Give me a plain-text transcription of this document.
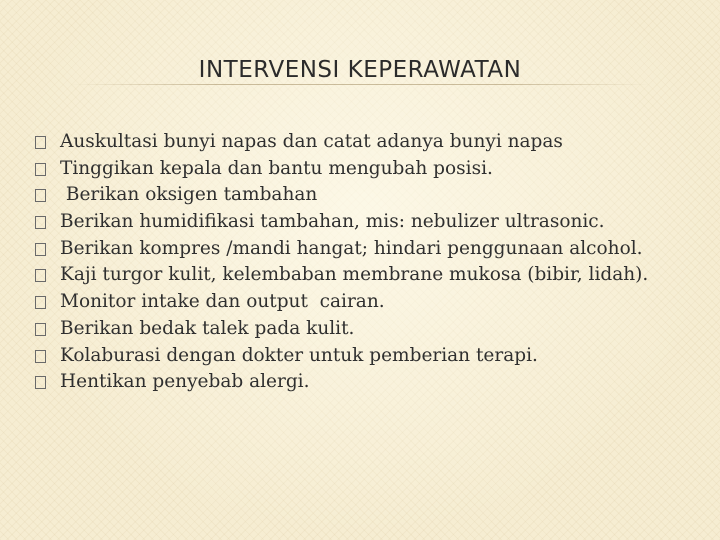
INTERVENSI KEPERAWATAN
Auskultasi bunyi napas dan catat adanya bunyi napas
Tinggikan kepala dan bantu mengubah posisi.
Berikan oksigen tambahan
Berikan humidifikasi tambahan, mis: nebulizer ultrasonic.
Berikan kompres /mandi hangat; hindari penggunaan alcohol.
Kaji turgor kulit, kelembaban membrane mukosa (bibir, lidah).
Monitor intake dan output  cairan.
Berikan bedak talek pada kulit.
Kolaburasi dengan dokter untuk pemberian terapi.
Hentikan penyebab alergi.
